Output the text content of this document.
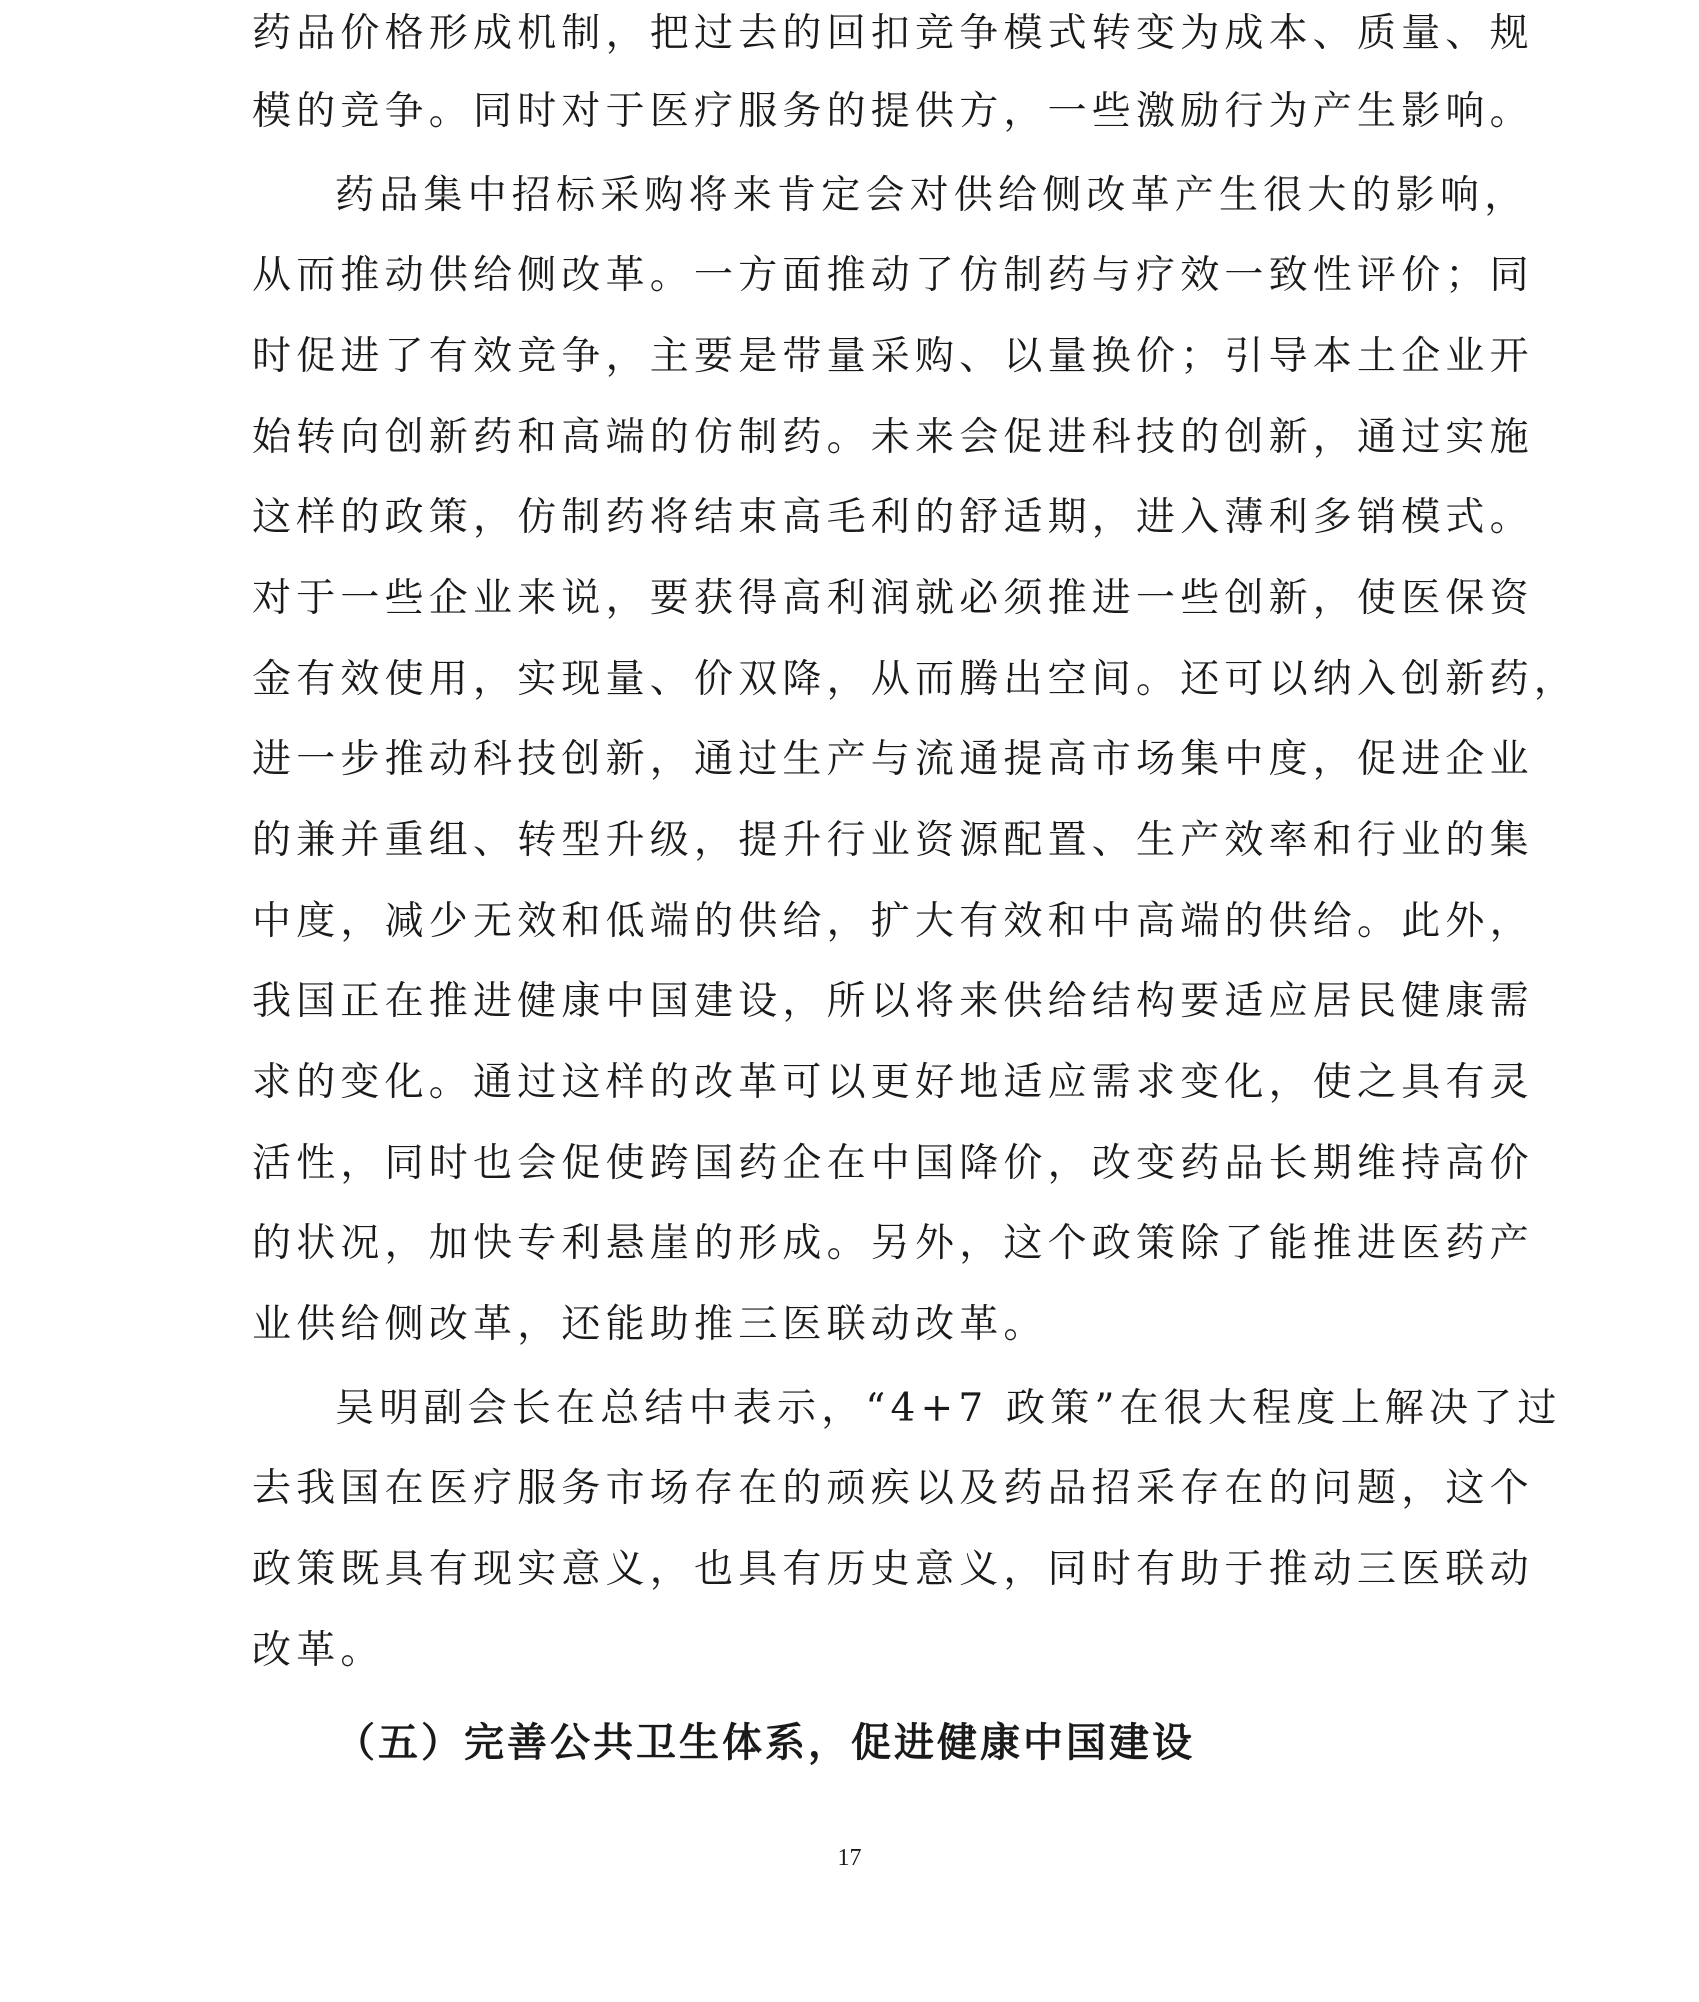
药品价格形成机制，把过去的回扣竞争模式转变为成本、质量、规
模的竞争。同时对于医疗服务的提供方，一些激励行为产生影响。
药品集中招标采购将来肯定会对供给侧改革产生很大的影响，
从而推动供给侧改革。一方面推动了仿制药与疗效一致性评价；同
时促进了有效竞争，主要是带量采购、以量换价；引导本土企业开
始转向创新药和高端的仿制药。未来会促进科技的创新，通过实施
这样的政策，仿制药将结束高毛利的舒适期，进入薄利多销模式。
对于一些企业来说，要获得高利润就必须推进一些创新，使医保资
金有效使用，实现量、价双降，从而腾出空间。还可以纳入创新药，
进一步推动科技创新，通过生产与流通提高市场集中度，促进企业
的兼并重组、转型升级，提升行业资源配置、生产效率和行业的集
中度，减少无效和低端的供给，扩大有效和中高端的供给。此外，
我国正在推进健康中国建设，所以将来供给结构要适应居民健康需
求的变化。通过这样的改革可以更好地适应需求变化，使之具有灵
活性，同时也会促使跨国药企在中国降价，改变药品长期维持高价
的状况，加快专利悬崖的形成。另外，这个政策除了能推进医药产
业供给侧改革，还能助推三医联动改革。
吴明副会长在总结中表示，“4+7 政策”在很大程度上解决了过
去我国在医疗服务市场存在的顽疾以及药品招采存在的问题，这个
政策既具有现实意义，也具有历史意义，同时有助于推动三医联动
改革。
（五）完善公共卫生体系，促进健康中国建设
17
